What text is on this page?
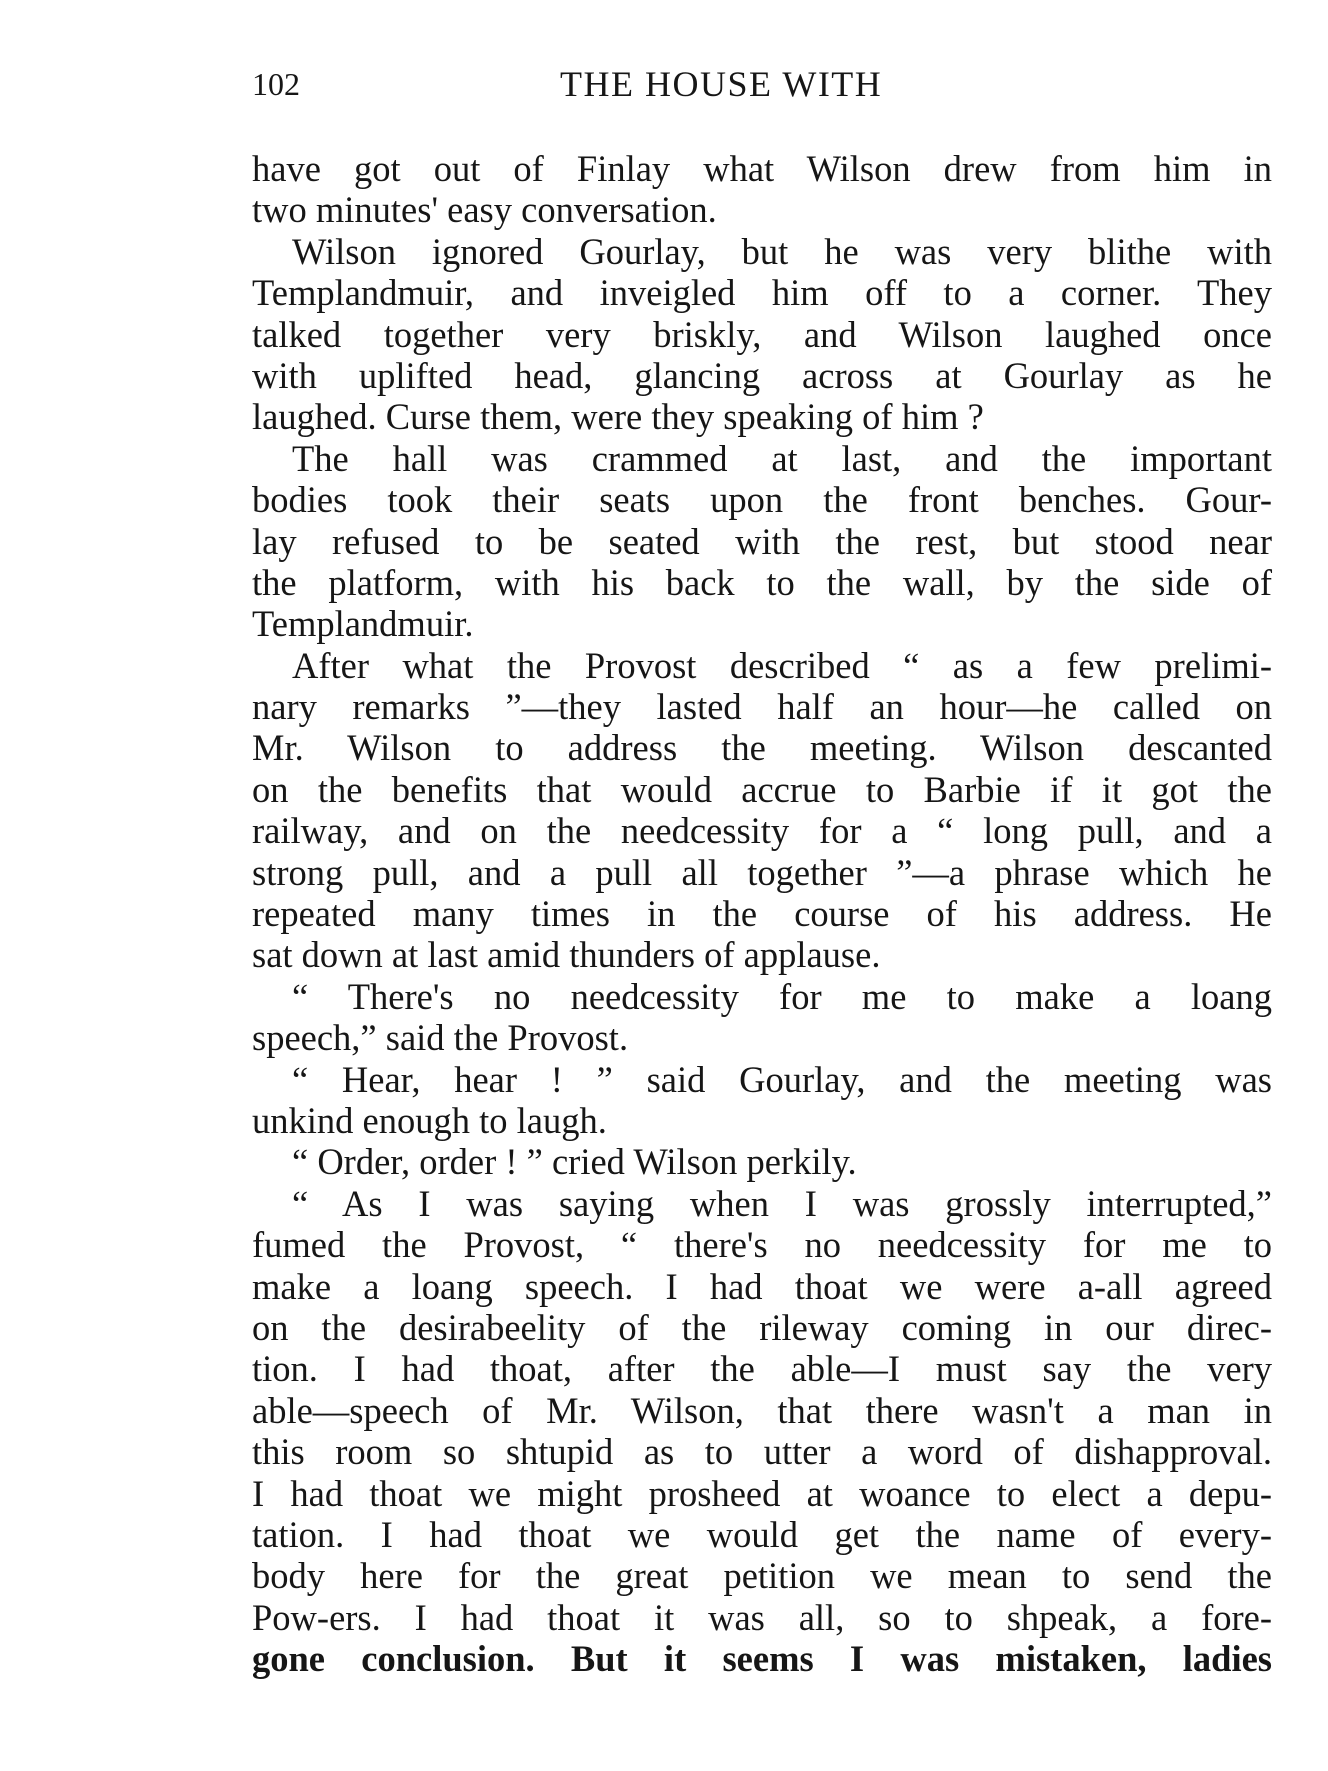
102	THE HOUSE WITH

have got out of Finlay what Wilson drew from him in

two minutes' easy conversation.

Wilson ignored Gourlay, but he was very blithe with

Templandmuir, and inveigled him off to a corner. They

talked together very briskly, and Wilson laughed once

with uplifted head, glancing across at Gourlay as he

laughed. Curse them, were they speaking of him ?

The hall was crammed at last, and the important

bodies took their seats upon the front benches. Gour-

lay refused to be seated with the rest, but stood near

the platform, with his back to the wall, by the side of

Templandmuir.

After what the Provost described “ as a few prelimi-

nary remarks ”—they lasted half an hour—he called on

Mr. Wilson to address the meeting. Wilson descanted

on the benefits that would accrue to Barbie if it got the

railway, and on the needcessity for a “ long pull, and a

strong pull, and a pull all together ”—a phrase which he

repeated many times in the course of his address. He

sat down at last amid thunders of applause.

“ There's no needcessity for me to make a loang

speech,” said the Provost.

“ Hear, hear ! ” said Gourlay, and the meeting was

unkind enough to laugh.

“ Order, order ! ” cried Wilson perkily.

“ As I was saying when I was grossly interrupted,”

fumed the Provost, “ there's no needcessity for me to

make a loang speech. I had thoat we were a-all agreed

on the desirabeelity of the rileway coming in our direc-

tion. I had thoat, after the able—I must say the very

able—speech of Mr. Wilson, that there wasn't a man in

this room so shtupid as to utter a word of dishapproval.

I had thoat we might prosheed at woance to elect a depu-

tation. I had thoat we would get the name of every-

body here for the great petition we mean to send the

Pow-ers. I had thoat it was all, so to shpeak, a fore-

gone conclusion. But it seems I was mistaken, ladies
